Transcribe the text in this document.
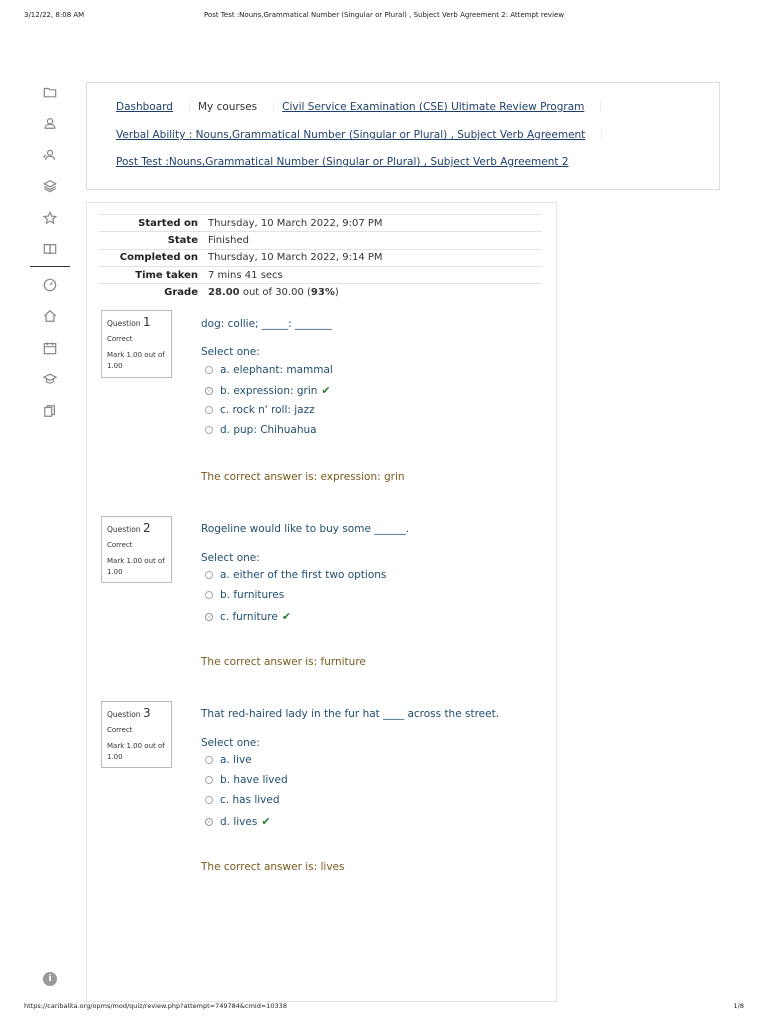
3/12/22, 8:08 AM	Post Test :Nouns,Grammatical Number (Singular or Plural) , Subject Verb Agreement 2: Attempt review
i
Dashboard My courses Civil Service Examination (CSE) Ultimate Review Program
Verbal Ability : Nouns,Grammatical Number (Singular or Plural) , Subject Verb Agreement
Post Test :Nouns,Grammatical Number (Singular or Plural) , Subject Verb Agreement 2
Started on	Thursday, 10 March 2022, 9:07 PM
State	Finished
Completed on	Thursday, 10 March 2022, 9:14 PM
Time taken	7 mins 41 secs
Grade	28.00 out of 30.00 (93%)
Question 1
Correct
Mark 1.00 out of 1.00
dog: collie; _____: _______
Select one:
a. elephant: mammal
b. expression: grin ✔
c. rock n' roll: jazz
d. pup: Chihuahua
The correct answer is: expression: grin
Question 2
Correct
Mark 1.00 out of 1.00
Rogeline would like to buy some ______.
Select one:
a. either of the first two options
b. furnitures
c. furniture ✔
The correct answer is: furniture
Question 3
Correct
Mark 1.00 out of 1.00
That red-haired lady in the fur hat ____ across the street.
Select one:
a. live
b. have lived
c. has lived
d. lives ✔
The correct answer is: lives
https://caribalita.org/opms/mod/quiz/review.php?attempt=749784&cmid=10338	1/8
